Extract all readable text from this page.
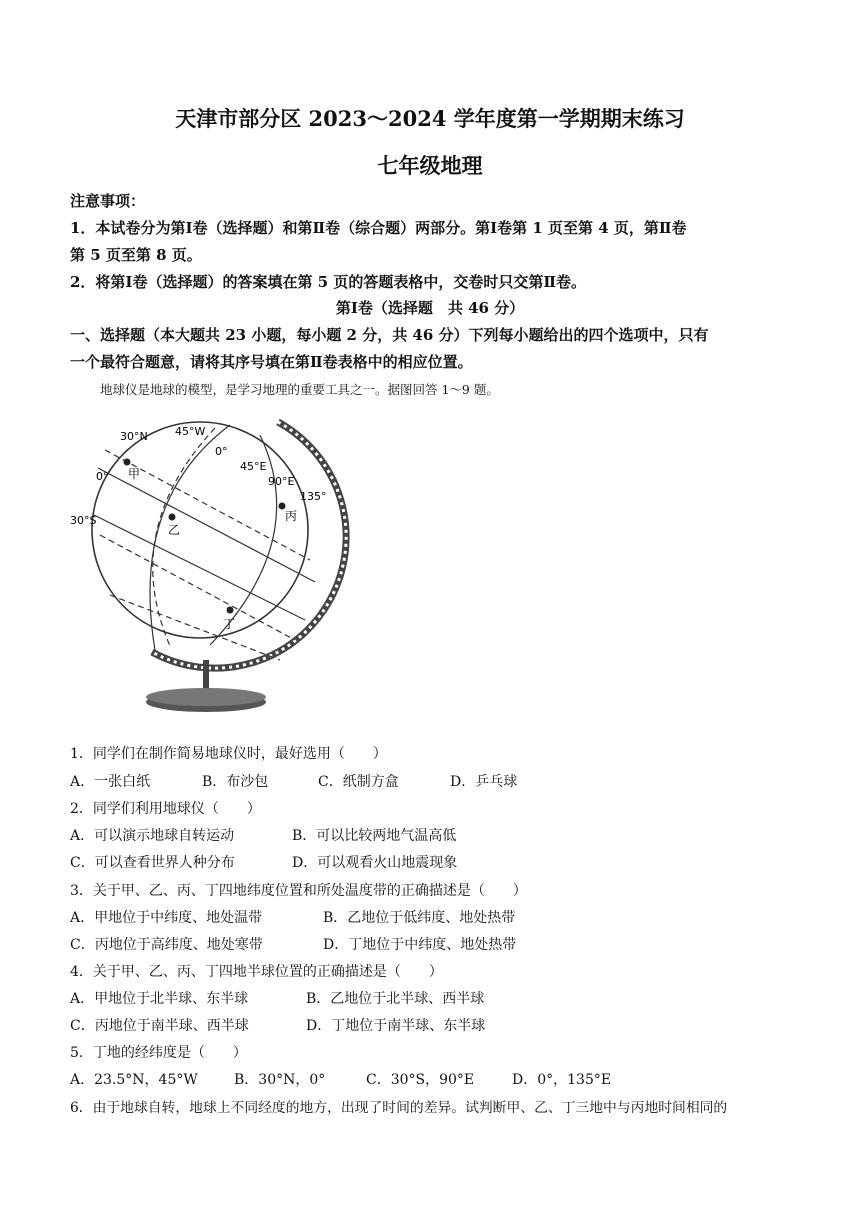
天津市部分区 2023～2024 学年度第一学期期末练习
七年级地理
注意事项：
1．本试卷分为第Ⅰ卷（选择题）和第Ⅱ卷（综合题）两部分。第Ⅰ卷第 1 页至第 4 页，第Ⅱ卷
第 5 页至第 8 页。
2．将第Ⅰ卷（选择题）的答案填在第 5 页的答题表格中，交卷时只交第Ⅱ卷。
第Ⅰ卷（选择题　共 46 分）
一、选择题（本大题共 23 小题，每小题 2 分，共 46 分）下列每小题给出的四个选项中，只有
一个最符合题意，请将其序号填在第Ⅱ卷表格中的相应位置。
地球仪是地球的模型，是学习地理的重要工具之一。据图回答 1～9 题。
30°N 45°W
0°
45°E
90°E
135°
0°
30°S
甲
乙
丙
丁
1．同学们在制作简易地球仪时，最好选用（　　）
A．一张白纸	B．布沙包	C．纸制方盒	D．乒乓球
2．同学们利用地球仪（　　）
A．可以演示地球自转运动	B．可以比较两地气温高低
C．可以查看世界人种分布	D．可以观看火山地震现象
3．关于甲、乙、丙、丁四地纬度位置和所处温度带的正确描述是（　　）
A．甲地位于中纬度、地处温带	B．乙地位于低纬度、地处热带
C．丙地位于高纬度、地处寒带	D．丁地位于中纬度、地处热带
4．关于甲、乙、丙、丁四地半球位置的正确描述是（　　）
A．甲地位于北半球、东半球	B．乙地位于北半球、西半球
C．丙地位于南半球、西半球	D．丁地位于南半球、东半球
5．丁地的经纬度是（　　）
A．23.5°N，45°W	B．30°N，0°	C．30°S，90°E	D．0°，135°E
6．由于地球自转，地球上不同经度的地方，出现了时间的差异。试判断甲、乙、丁三地中与丙地时间相同的
